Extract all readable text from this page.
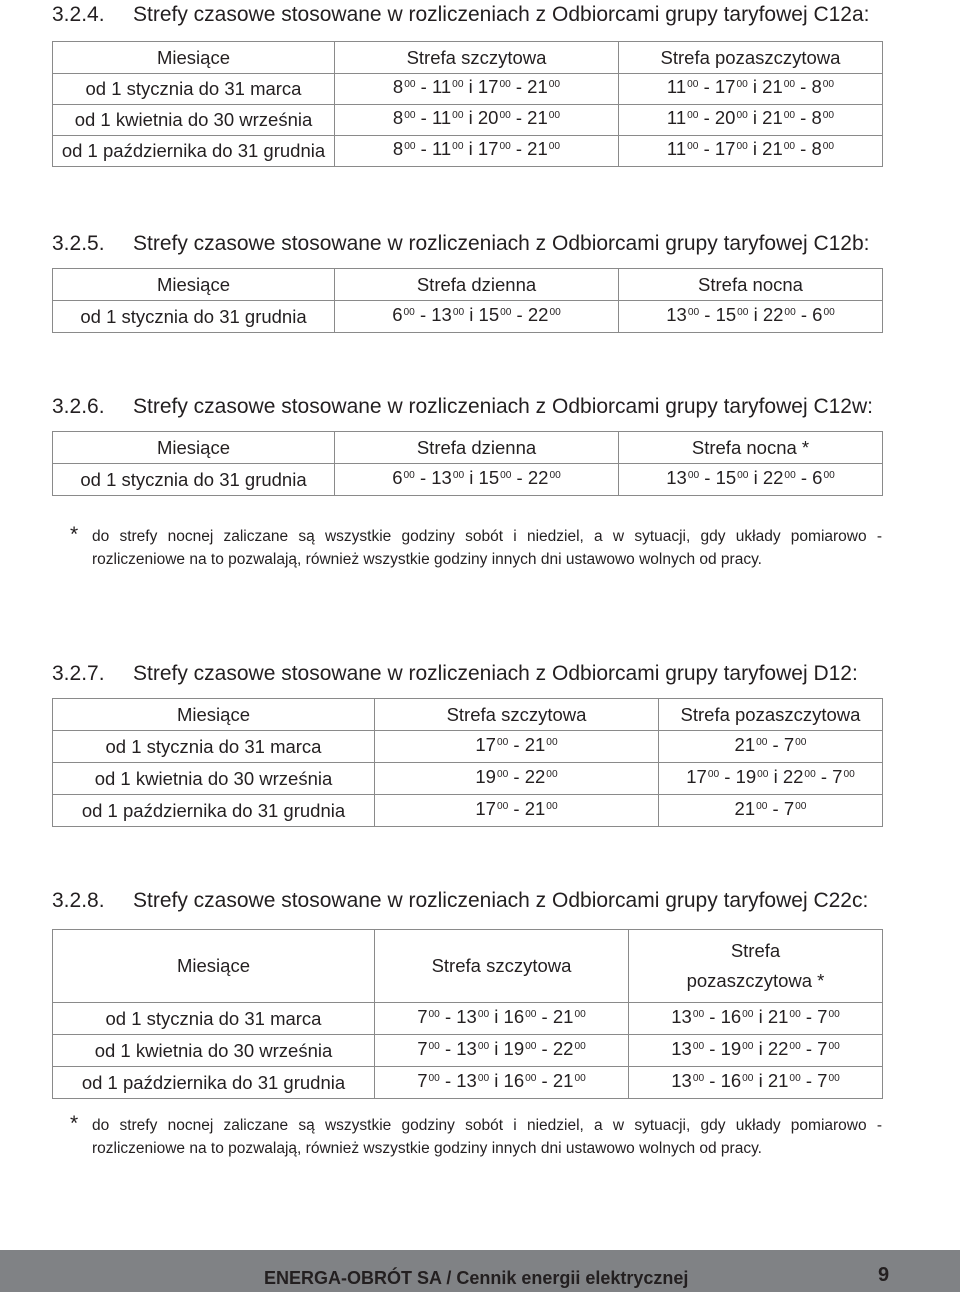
3.2.4. Strefy czasowe stosowane w rozliczeniach z Odbiorcami grupy taryfowej C12a:
Miesiące	Strefa szczytowa	Strefa pozaszczytowa
od 1 stycznia do 31 marca	$8^{00} - 11^{00}$ i $17^{00} - 21^{00}$	$11^{00} - 17^{00}$ i $21^{00} - 8^{00}$
od 1 kwietnia do 30 września	$8^{00} - 11^{00}$ i $20^{00} - 21^{00}$	$11^{00} - 20^{00}$ i $21^{00} - 8^{00}$
od 1 października do 31 grudnia	$8^{00} - 11^{00}$ i $17^{00} - 21^{00}$	$11^{00} - 17^{00}$ i $21^{00} - 8^{00}$
3.2.5. Strefy czasowe stosowane w rozliczeniach z Odbiorcami grupy taryfowej C12b:
Miesiące	Strefa dzienna	Strefa nocna
od 1 stycznia do 31 grudnia	$6^{00} - 13^{00}$ i $15^{00} - 22^{00}$	$13^{00} - 15^{00}$ i $22^{00} - 6^{00}$
3.2.6. Strefy czasowe stosowane w rozliczeniach z Odbiorcami grupy taryfowej C12w:
Miesiące	Strefa dzienna	Strefa nocna *
od 1 stycznia do 31 grudnia	$6^{00} - 13^{00}$ i $15^{00} - 22^{00}$	$13^{00} - 15^{00}$ i $22^{00} - 6^{00}$
* do strefy nocnej zaliczane są wszystkie godziny sobót i niedziel, a w sytuacji, gdy układy pomiarowo - rozliczeniowe na to pozwalają, również wszystkie godziny innych dni ustawowo wolnych od pracy.
3.2.7. Strefy czasowe stosowane w rozliczeniach z Odbiorcami grupy taryfowej D12:
Miesiące	Strefa szczytowa	Strefa pozaszczytowa
od 1 stycznia do 31 marca	$17^{00} - 21^{00}$	$21^{00} - 7^{00}$
od 1 kwietnia do 30 września	$19^{00} - 22^{00}$	$17^{00} - 19^{00}$ i $22^{00} - 7^{00}$
od 1 października do 31 grudnia	$17^{00} - 21^{00}$	$21^{00} - 7^{00}$
3.2.8. Strefy czasowe stosowane w rozliczeniach z Odbiorcami grupy taryfowej C22c:
Miesiące	Strefa szczytowa	Strefa pozaszczytowa *
od 1 stycznia do 31 marca	$7^{00} - 13^{00}$ i $16^{00} - 21^{00}$	$13^{00} - 16^{00}$ i $21^{00} - 7^{00}$
od 1 kwietnia do 30 września	$7^{00} - 13^{00}$ i $19^{00} - 22^{00}$	$13^{00} - 19^{00}$ i $22^{00} - 7^{00}$
od 1 października do 31 grudnia	$7^{00} - 13^{00}$ i $16^{00} - 21^{00}$	$13^{00} - 16^{00}$ i $21^{00} - 7^{00}$
* do strefy nocnej zaliczane są wszystkie godziny sobót i niedziel, a w sytuacji, gdy układy pomiarowo - rozliczeniowe na to pozwalają, również wszystkie godziny innych dni ustawowo wolnych od pracy.
ENERGA-OBRÓT SA / Cennik energii elektrycznej	9
